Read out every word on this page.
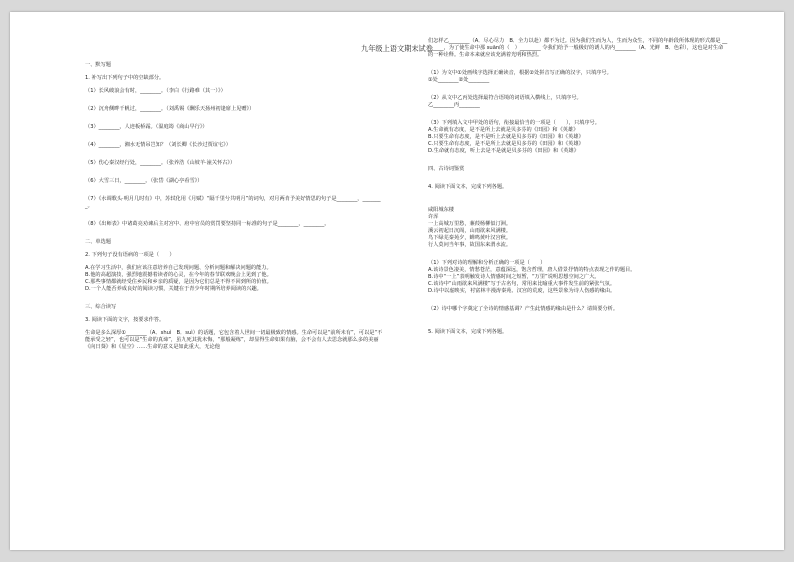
九年级上语文期末试卷
一、默写题
1. 补写出下列句子中的空缺部分。
（1）长风破浪会有时，________。（李白《行路难（其一）》）
（2）沉舟侧畔千帆过，________。（刘禹锡《酬乐天扬州初逢席上见赠》）
（3）________，人迹板桥霜。（温庭筠《商山早行》）
（4）________，湘水无情吊岂知？（刘长卿《长沙过贾谊宅》）
（5）伤心秦汉经行处，________。（张养浩《山坡羊·潼关怀古》）
（6）大雪三日，________。（张岱《湖心亭看雪》）
（7）《水调歌头·明月几时有》中，苏轼化用《月赋》“隔千里兮共明月”的词句，对月两肯予美好情思的句子是________，________。
（8）《出师表》中诸葛亮劝谏后主对宫中、府中官员的赏罚要坚持同一标准的句子是________，________。
二、单选题
2. 下列句子没有语病的一项是（　　）
A.在学习生活中，我们应该注意培养自己发现问题、分析问题和解决问题的能力。
B.他的高超演技，强烈地震撼着读者的心灵，在今年的春节联欢晚会上见到了他。
C.那些事情都就经受住乡民和乡亲的质疑，是因为它们总是不得不回到所的价值。
D.一个人能否养成良好的阅读习惯，关键在于青少年时期所培养阅读的兴趣。
三、综合读写
3. 阅读下面的文字，按要求作答。
生命是多么深厚①________（A．shuì　B．suì）的话题，它包含着人世间一切最极致的情感。生命可以是“前所未有”，可以是“不能承受之轻”，也可以是“生命的真谛”，虽九死其犹未悔，“那般凝练”，却显得生命如果有脑，会不会有人去思念就那么多的美丽《向日葵》和《星空》……生命的意义是如此重大，无论他
们怎样乙________（A．尽心尽力　B．全力以赴）都不为过。因为我们生而为人，生而为众生，不同的年龄段所体现的形式都是 ________，为了使生命中那 suān的（　）________ 令我们给予一般极好的诱人的内________（A．光鲜　B．色彩），这也是对生命的一种诠释。生命本来就应该充满着光明和热烈。
（1）为文中①处画线字选择正确读音，根据②处拼音写正确的汉字，只填序号。
①处________②处________
（2）从文中乙丙处选择最符合语境的词语填入横线上，只填序号。
乙________丙________
（3）下列填入文中甲处的语句，衔接最恰当的一项是（　　），只填序号。
A.生命就有态度，是不是所上去就是贝多芬的《田园》和《英雄》
B.只要生命有态度，是不是听上去就是贝多芬的《田园》和《英雄》
C.只要生命有态度，是不是所上去就是贝多芬的《田园》和《英雄》
D.生命就有态度，听上去是不是就是贝多芬的《田园》和《英雄》
四、古诗词鉴赏
4. 阅读下面文本，完成下列各题。
咸阳城东楼
许浑
一上高城万里愁，蒹葭杨柳似汀洲。
溪云初起日沉阁，山雨欲来风满楼。
鸟下绿芜秦苑夕，蝉鸣黄叶汉宫秋。
行人莫问当年事，故国东来渭水流。
（1）下列对诗的理解和分析正确的一项是（　　）
A.该诗景色凄美，情愁苍茫，意蕴深远，饱含哲理，唐人借景抒情的特点表现之作的题目。
B.诗中“一上”表明触发诗人情感时间之短暂，“万里”说明思想空间之广大。
C.该诗中“山雨欲来风满楼”写于古名句，常用来比喻重大事件发生前的紧张气氛。
D.诗中以虚映实，衬富林丰漫涛秦苑、汉宫的荒废，这些景象为诗人伤感的缘由。
（2）诗中哪个字奠定了全诗的情感基调？产生此情感的缘由是什么？请简要分析。
5. 阅读下面文本，完成下列各题。
